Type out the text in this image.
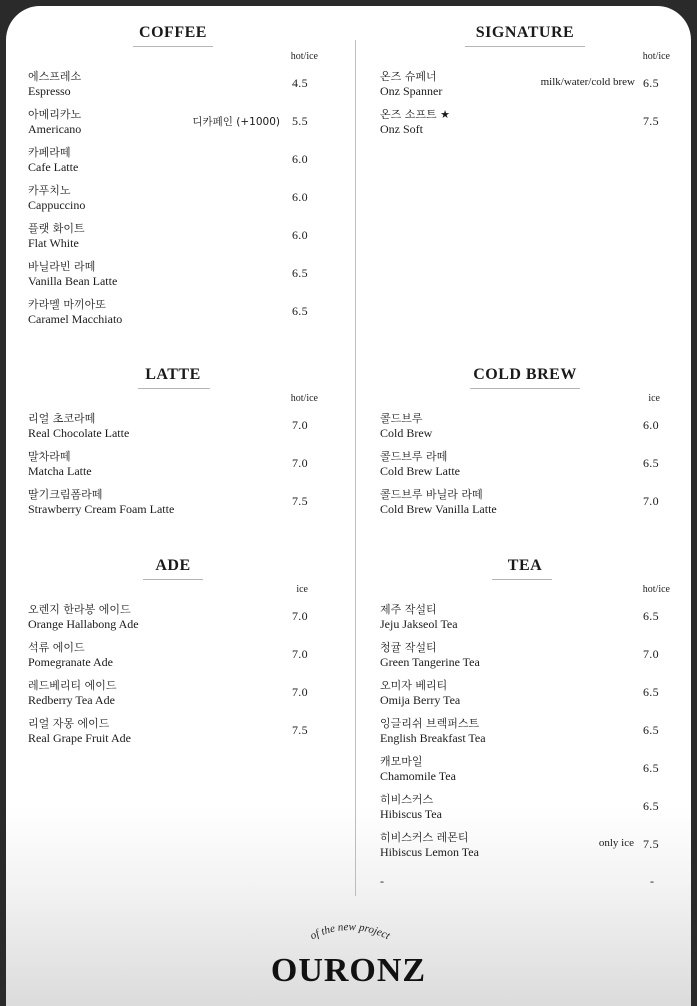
COFFEE
hot/ice
에스프레소
Espresso
4.5
아메리카노
Americano	디카페인 (+1000) 5.5
카페라떼
Cafe Latte
6.0
카푸치노
Cappuccino
6.0
플랫 화이트
Flat White
6.0
바닐라빈 라떼
Vanilla Bean Latte
6.5
카라멜 마끼아또
Caramel Macchiato
6.5
SIGNATURE
hot/ice
온즈 슈페너
Onz Spanner
milk/water/cold brew 6.5
온즈 소프트 ★
Onz Soft
7.5
LATTE
hot/ice
리얼 초코라떼
Real Chocolate Latte
7.0
말차라떼
Matcha Latte
7.0
딸기크림폼라떼
Strawberry Cream Foam Latte
7.5
COLD BREW
ice
콜드브루
Cold Brew
6.0
콜드브루 라떼
Cold Brew Latte
6.5
콜드브루 바닐라 라떼
Cold Brew Vanilla Latte
7.0
ADE
ice
오렌지 한라봉 에이드
Orange Hallabong Ade
7.0
석류 에이드
Pomegranate Ade
7.0
레드베리티 에이드
Redberry Tea Ade
7.0
리얼 자몽 에이드
Real Grape Fruit Ade
7.5
TEA
hot/ice
제주 작설티
Jeju Jakseol Tea
6.5
청귤 작설티
Green Tangerine Tea
7.0
오미자 베리티
Omija Berry Tea
6.5
잉글리쉬 브렉퍼스트
English Breakfast Tea
6.5
캐모마일
Chamomile Tea
6.5
히비스커스
Hibiscus Tea
6.5
히비스커스 레몬티
Hibiscus Lemon Tea
only ice 7.5
-	-
of the new project
OURONZ
